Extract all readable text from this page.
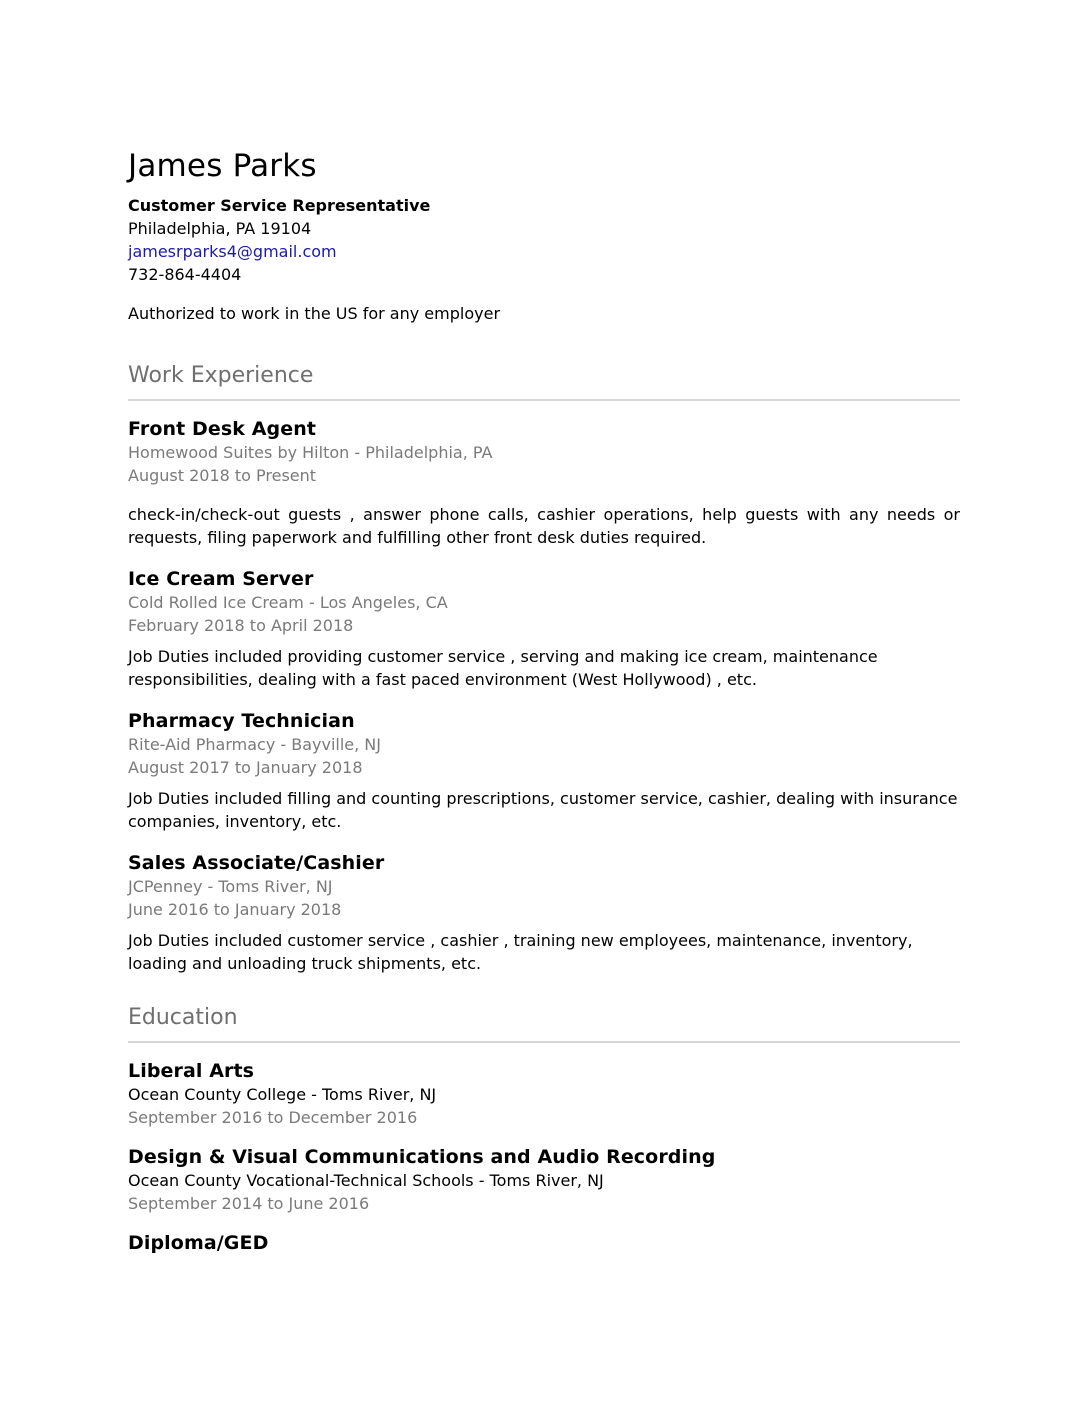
James Parks
Customer Service Representative
Philadelphia, PA 19104
jamesrparks4@gmail.com
732-864-4404
Authorized to work in the US for any employer
Work Experience
Front Desk Agent
Homewood Suites by Hilton - Philadelphia, PA
August 2018 to Present
check-in/check-out guests , answer phone calls, cashier operations, help guests with any needs or requests, filing paperwork and fulfilling other front desk duties required.
Ice Cream Server
Cold Rolled Ice Cream - Los Angeles, CA
February 2018 to April 2018
Job Duties included providing customer service , serving and making ice cream, maintenance responsibilities, dealing with a fast paced environment (West Hollywood) , etc.
Pharmacy Technician
Rite-Aid Pharmacy - Bayville, NJ
August 2017 to January 2018
Job Duties included filling and counting prescriptions, customer service, cashier, dealing with insurance companies, inventory, etc.
Sales Associate/Cashier
JCPenney - Toms River, NJ
June 2016 to January 2018
Job Duties included customer service , cashier , training new employees, maintenance, inventory, loading and unloading truck shipments, etc.
Education
Liberal Arts
Ocean County College - Toms River, NJ
September 2016 to December 2016
Design & Visual Communications and Audio Recording
Ocean County Vocational-Technical Schools - Toms River, NJ
September 2014 to June 2016
Diploma/GED
